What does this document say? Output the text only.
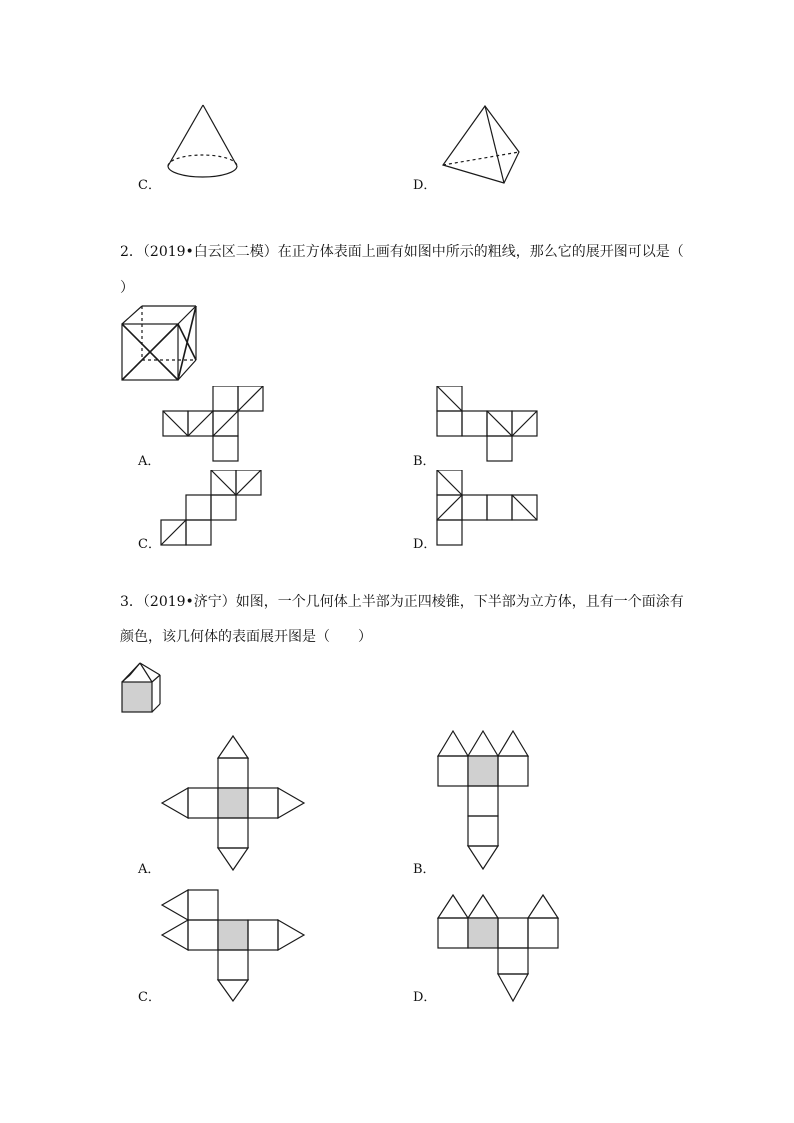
C．	D．
2．（2019•白云区二模）在正方体表面上画有如图中所示的粗线，那么它的展开图可以是（
）
A．	B．
C．	D．
3．（2019•济宁）如图，一个几何体上半部为正四棱锥，下半部为立方体，且有一个面涂有
颜色，该几何体的表面展开图是（　　）
A．	B．
C．	D．
